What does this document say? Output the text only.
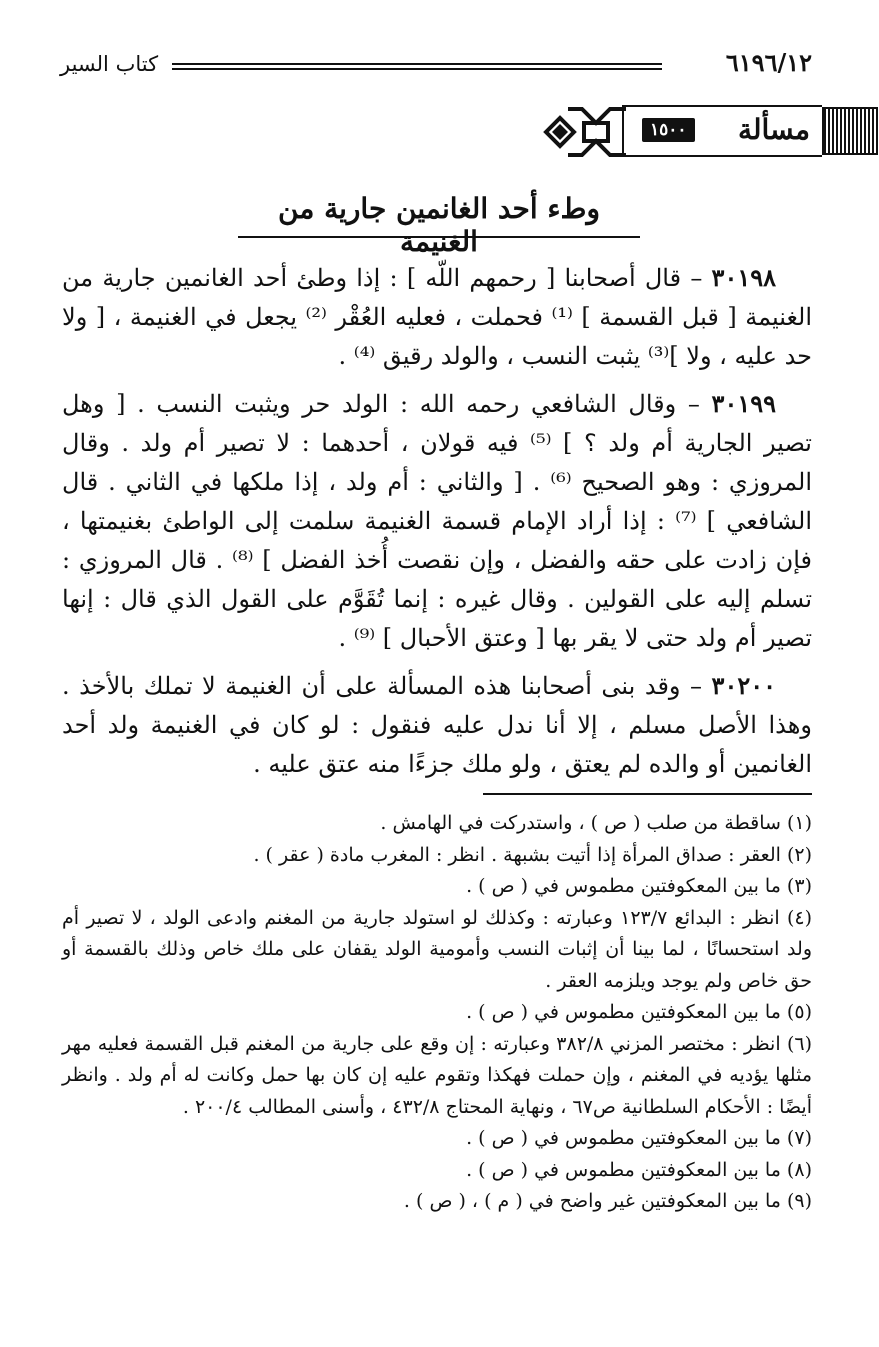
كتاب السير	٦١٩٦/١٢
مسألة
١٥٠٠
وطء أحد الغانمين جارية من الغنيمة

٣٠١٩٨ – قال أصحابنا [ رحمهم اللّه ] : إذا وطئ أحد الغانمين جارية من الغنيمة [ قبل القسمة ] ⁽¹⁾ فحملت ، فعليه العُقْر ⁽²⁾ يجعل في الغنيمة ، [ ولا حد عليه ، ولا ]⁽³⁾ يثبت النسب ، والولد رقيق ⁽⁴⁾ .

٣٠١٩٩ – وقال الشافعي رحمه الله : الولد حر ويثبت النسب . [ وهل تصير الجارية أم ولد ؟ ] ⁽⁵⁾ فيه قولان ، أحدهما : لا تصير أم ولد . وقال المروزي : وهو الصحيح ⁽⁶⁾ . [ والثاني : أم ولد ، إذا ملكها في الثاني . قال الشافعي ] ⁽⁷⁾ : إذا أراد الإمام قسمة الغنيمة سلمت إلى الواطئ بغنيمتها ، فإن زادت على حقه والفضل ، وإن نقصت أُخذ الفضل ] ⁽⁸⁾ . قال المروزي : تسلم إليه على القولين . وقال غيره : إنما تُقَوَّم على القول الذي قال : إنها تصير أم ولد حتى لا يقر بها [ وعتق الأحبال ] ⁽⁹⁾ .

٣٠٢٠٠ – وقد بنى أصحابنا هذه المسألة على أن الغنيمة لا تملك بالأخذ . وهذا الأصل مسلم ، إلا أنا ندل عليه فنقول : لو كان في الغنيمة ولد أحد الغانمين أو والده لم يعتق ، ولو ملك جزءًا منه عتق عليه .

(١) ساقطة من صلب ( ص ) ، واستدركت في الهامش .

(٢) العقر : صداق المرأة إذا أتيت بشبهة . انظر : المغرب مادة ( عقر ) .

(٣) ما بين المعكوفتين مطموس في ( ص ) .

(٤) انظر : البدائع ١٢٣/٧ وعبارته : وكذلك لو استولد جارية من المغنم وادعى الولد ، لا تصير أم ولد استحسانًا ، لما بينا أن إثبات النسب وأمومية الولد يقفان على ملك خاص وذلك بالقسمة أو حق خاص ولم يوجد ويلزمه العقر .

(٥) ما بين المعكوفتين مطموس في ( ص ) .

(٦) انظر : مختصر المزني ٣٨٢/٨ وعبارته : إن وقع على جارية من المغنم قبل القسمة فعليه مهر مثلها يؤديه في المغنم ، وإن حملت فهكذا وتقوم عليه إن كان بها حمل وكانت له أم ولد . وانظر أيضًا : الأحكام السلطانية ص٦٧ ، ونهاية المحتاج ٤٣٢/٨ ، وأسنى المطالب ٢٠٠/٤ .

(٧) ما بين المعكوفتين مطموس في ( ص ) .

(٨) ما بين المعكوفتين مطموس في ( ص ) .

(٩) ما بين المعكوفتين غير واضح في ( م ) ، ( ص ) .
